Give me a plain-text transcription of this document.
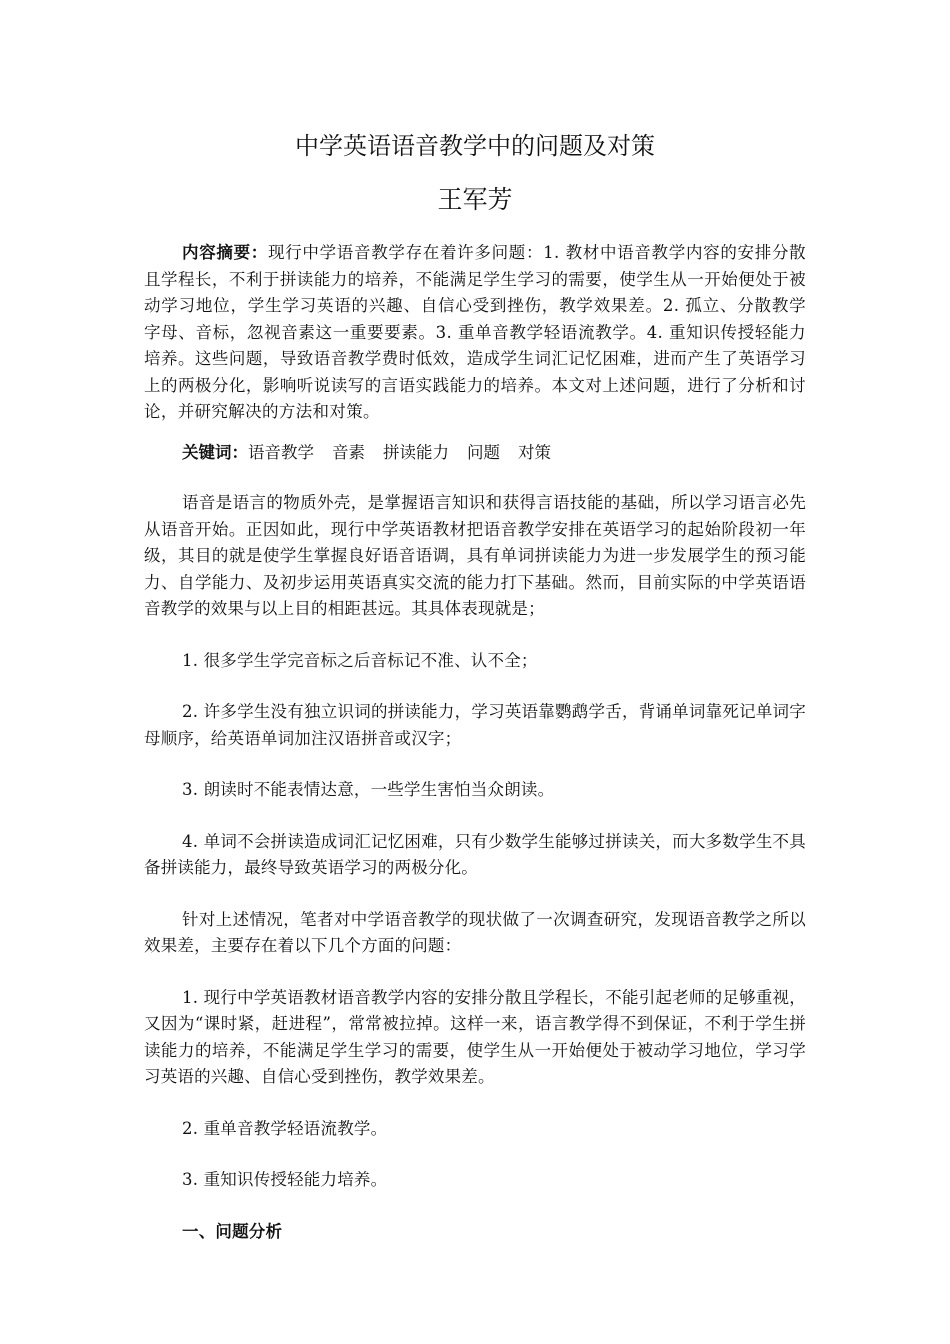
中学英语语音教学中的问题及对策
王军芳

内容摘要：现行中学语音教学存在着许多问题：1. 教材中语音教学内容的安排分散且学程长，不利于拼读能力的培养，不能满足学生学习的需要，使学生从一开始便处于被动学习地位，学生学习英语的兴趣、自信心受到挫伤，教学效果差。2. 孤立、分散教学字母、音标，忽视音素这一重要要素。3. 重单音教学轻语流教学。4. 重知识传授轻能力培养。这些问题，导致语音教学费时低效，造成学生词汇记忆困难，进而产生了英语学习上的两极分化，影响听说读写的言语实践能力的培养。本文对上述问题，进行了分析和讨论，并研究解决的方法和对策。

关键词：语音教学 音素 拼读能力 问题 对策

语音是语言的物质外壳，是掌握语言知识和获得言语技能的基础，所以学习语言必先从语音开始。正因如此，现行中学英语教材把语音教学安排在英语学习的起始阶段初一年级，其目的就是使学生掌握良好语音语调，具有单词拼读能力为进一步发展学生的预习能力、自学能力、及初步运用英语真实交流的能力打下基础。然而，目前实际的中学英语语音教学的效果与以上目的相距甚远。其具体表现就是；

1. 很多学生学完音标之后音标记不准、认不全；

2. 许多学生没有独立识词的拼读能力，学习英语靠鹦鹉学舌，背诵单词靠死记单词字母顺序，给英语单词加注汉语拼音或汉字；

3. 朗读时不能表情达意，一些学生害怕当众朗读。

4. 单词不会拼读造成词汇记忆困难，只有少数学生能够过拼读关，而大多数学生不具备拼读能力，最终导致英语学习的两极分化。

针对上述情况，笔者对中学语音教学的现状做了一次调查研究，发现语音教学之所以效果差，主要存在着以下几个方面的问题：

1. 现行中学英语教材语音教学内容的安排分散且学程长，不能引起老师的足够重视，又因为“课时紧，赶进程”，常常被拉掉。这样一来，语言教学得不到保证，不利于学生拼读能力的培养，不能满足学生学习的需要，使学生从一开始便处于被动学习地位，学习学习英语的兴趣、自信心受到挫伤，教学效果差。

2. 重单音教学轻语流教学。

3. 重知识传授轻能力培养。

一、问题分析
